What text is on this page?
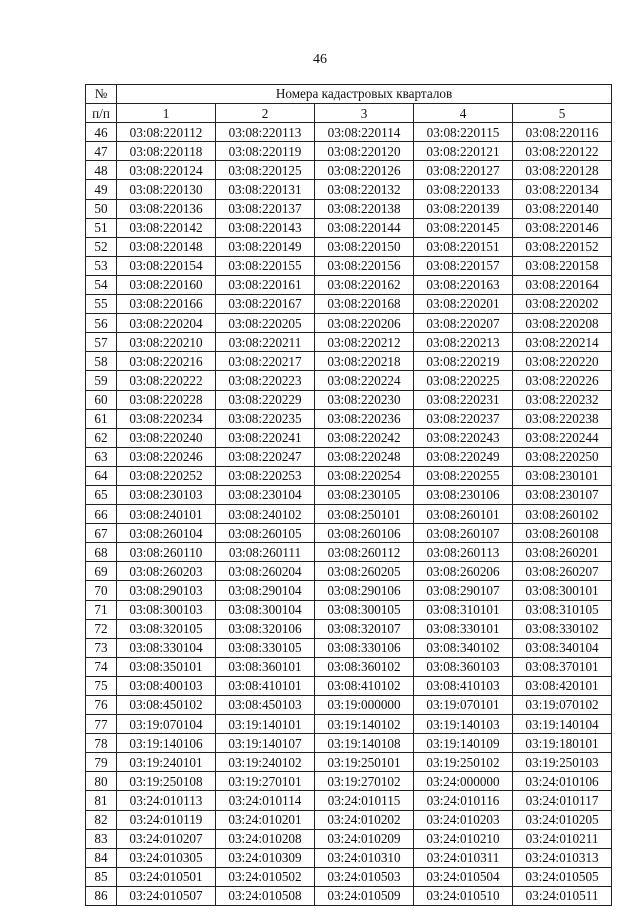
46
№	Номера кадастровых кварталов				
п/п	1	2	3	4	5
46	03:08:220112	03:08:220113	03:08:220114	03:08:220115	03:08:220116
47	03:08:220118	03:08:220119	03:08:220120	03:08:220121	03:08:220122
48	03:08:220124	03:08:220125	03:08:220126	03:08:220127	03:08:220128
49	03:08:220130	03:08:220131	03:08:220132	03:08:220133	03:08:220134
50	03:08:220136	03:08:220137	03:08:220138	03:08:220139	03:08:220140
51	03:08:220142	03:08:220143	03:08:220144	03:08:220145	03:08:220146
52	03:08:220148	03:08:220149	03:08:220150	03:08:220151	03:08:220152
53	03:08:220154	03:08:220155	03:08:220156	03:08:220157	03:08:220158
54	03:08:220160	03:08:220161	03:08:220162	03:08:220163	03:08:220164
55	03:08:220166	03:08:220167	03:08:220168	03:08:220201	03:08:220202
56	03:08:220204	03:08:220205	03:08:220206	03:08:220207	03:08:220208
57	03:08:220210	03:08:220211	03:08:220212	03:08:220213	03:08:220214
58	03:08:220216	03:08:220217	03:08:220218	03:08:220219	03:08:220220
59	03:08:220222	03:08:220223	03:08:220224	03:08:220225	03:08:220226
60	03:08:220228	03:08:220229	03:08:220230	03:08:220231	03:08:220232
61	03:08:220234	03:08:220235	03:08:220236	03:08:220237	03:08:220238
62	03:08:220240	03:08:220241	03:08:220242	03:08:220243	03:08:220244
63	03:08:220246	03:08:220247	03:08:220248	03:08:220249	03:08:220250
64	03:08:220252	03:08:220253	03:08:220254	03:08:220255	03:08:230101
65	03:08:230103	03:08:230104	03:08:230105	03:08:230106	03:08:230107
66	03:08:240101	03:08:240102	03:08:250101	03:08:260101	03:08:260102
67	03:08:260104	03:08:260105	03:08:260106	03:08:260107	03:08:260108
68	03:08:260110	03:08:260111	03:08:260112	03:08:260113	03:08:260201
69	03:08:260203	03:08:260204	03:08:260205	03:08:260206	03:08:260207
70	03:08:290103	03:08:290104	03:08:290106	03:08:290107	03:08:300101
71	03:08:300103	03:08:300104	03:08:300105	03:08:310101	03:08:310105
72	03:08:320105	03:08:320106	03:08:320107	03:08:330101	03:08:330102
73	03:08:330104	03:08:330105	03:08:330106	03:08:340102	03:08:340104
74	03:08:350101	03:08:360101	03:08:360102	03:08:360103	03:08:370101
75	03:08:400103	03:08:410101	03:08:410102	03:08:410103	03:08:420101
76	03:08:450102	03:08:450103	03:19:000000	03:19:070101	03:19:070102
77	03:19:070104	03:19:140101	03:19:140102	03:19:140103	03:19:140104
78	03:19:140106	03:19:140107	03:19:140108	03:19:140109	03:19:180101
79	03:19:240101	03:19:240102	03:19:250101	03:19:250102	03:19:250103
80	03:19:250108	03:19:270101	03:19:270102	03:24:000000	03:24:010106
81	03:24:010113	03:24:010114	03:24:010115	03:24:010116	03:24:010117
82	03:24:010119	03:24:010201	03:24:010202	03:24:010203	03:24:010205
83	03:24:010207	03:24:010208	03:24:010209	03:24:010210	03:24:010211
84	03:24:010305	03:24:010309	03:24:010310	03:24:010311	03:24:010313
85	03:24:010501	03:24:010502	03:24:010503	03:24:010504	03:24:010505
86	03:24:010507	03:24:010508	03:24:010509	03:24:010510	03:24:010511
